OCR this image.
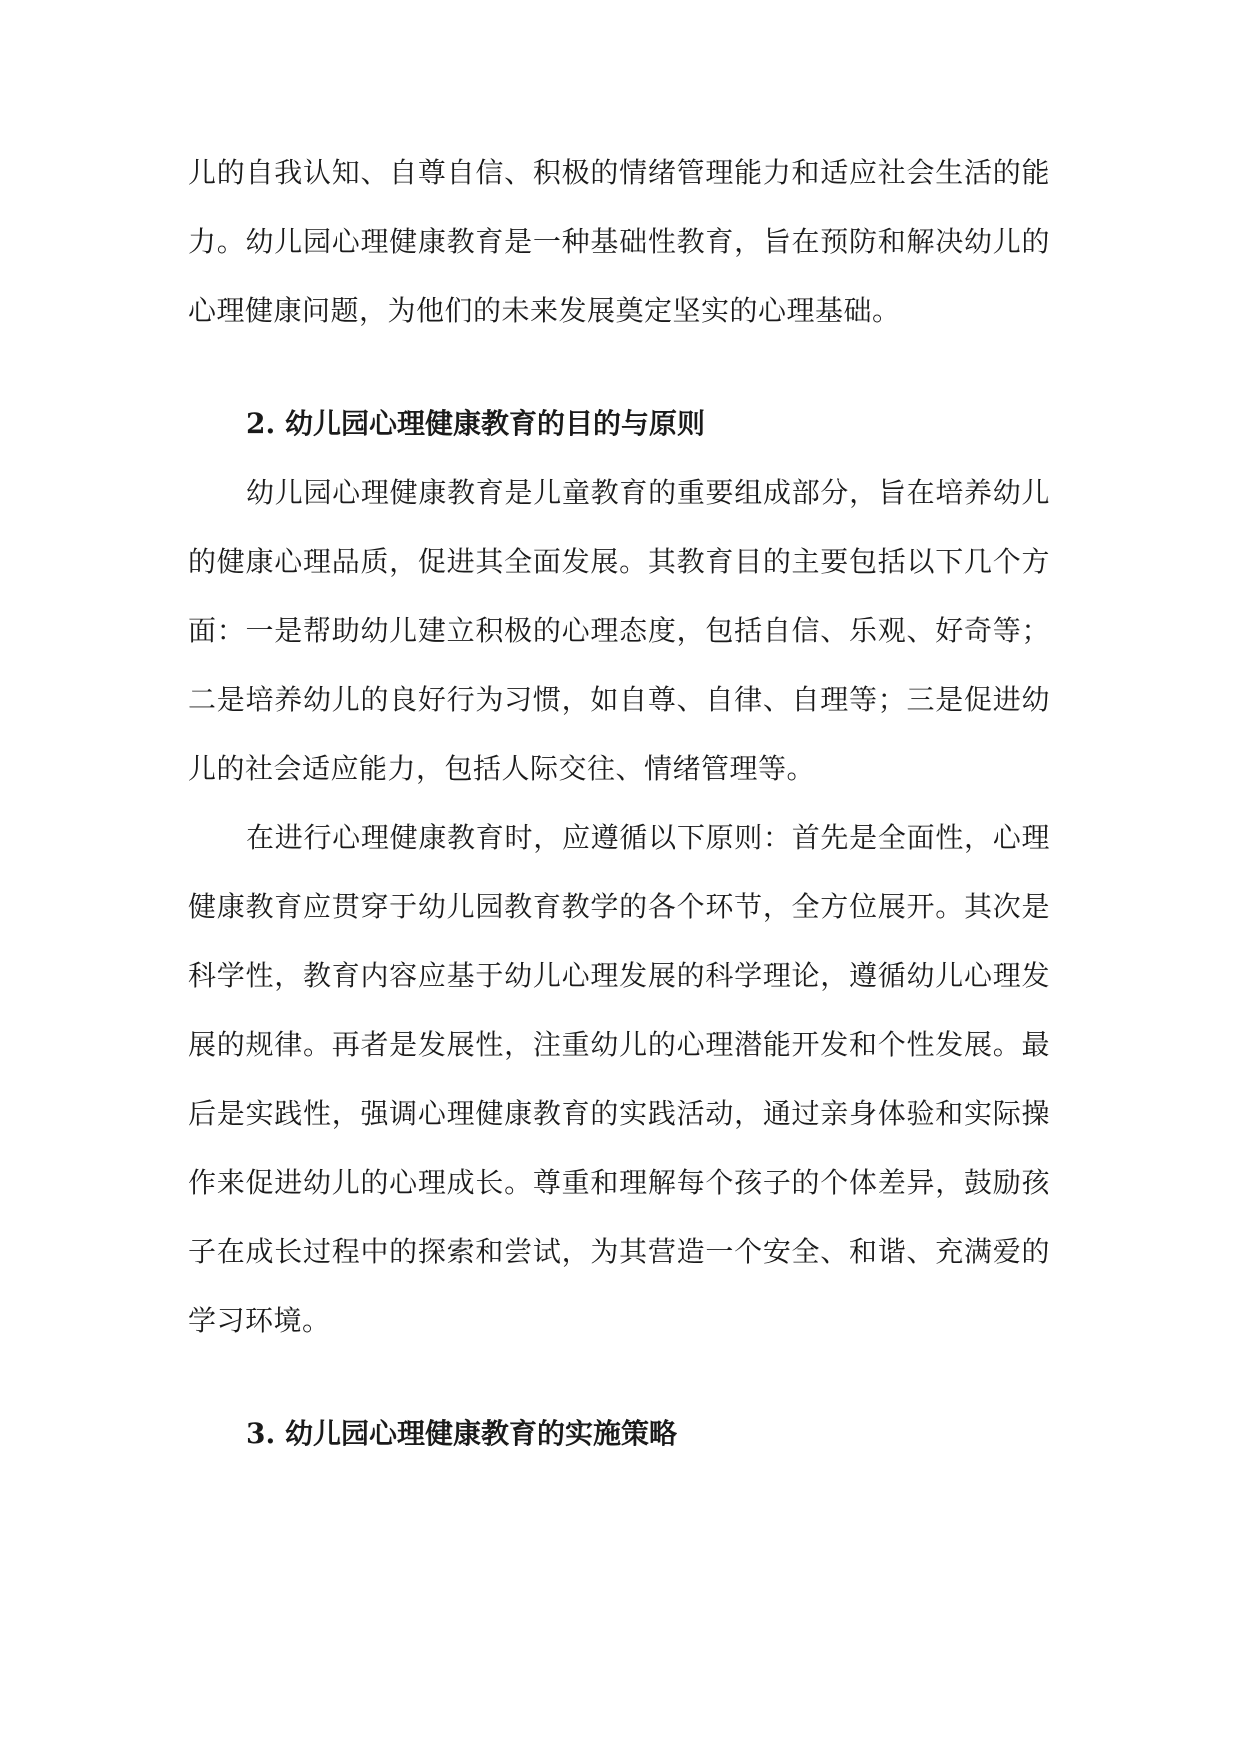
儿的自我认知、自尊自信、积极的情绪管理能力和适应社会生活的能力。幼儿园心理健康教育是一种基础性教育，旨在预防和解决幼儿的心理健康问题，为他们的未来发展奠定坚实的心理基础。

2. 幼儿园心理健康教育的目的与原则

幼儿园心理健康教育是儿童教育的重要组成部分，旨在培养幼儿的健康心理品质，促进其全面发展。其教育目的主要包括以下几个方面：一是帮助幼儿建立积极的心理态度，包括自信、乐观、好奇等；二是培养幼儿的良好行为习惯，如自尊、自律、自理等；三是促进幼儿的社会适应能力，包括人际交往、情绪管理等。

在进行心理健康教育时，应遵循以下原则：首先是全面性，心理健康教育应贯穿于幼儿园教育教学的各个环节，全方位展开。其次是科学性，教育内容应基于幼儿心理发展的科学理论，遵循幼儿心理发展的规律。再者是发展性，注重幼儿的心理潜能开发和个性发展。最后是实践性，强调心理健康教育的实践活动，通过亲身体验和实际操作来促进幼儿的心理成长。尊重和理解每个孩子的个体差异，鼓励孩子在成长过程中的探索和尝试，为其营造一个安全、和谐、充满爱的学习环境。

3. 幼儿园心理健康教育的实施策略
